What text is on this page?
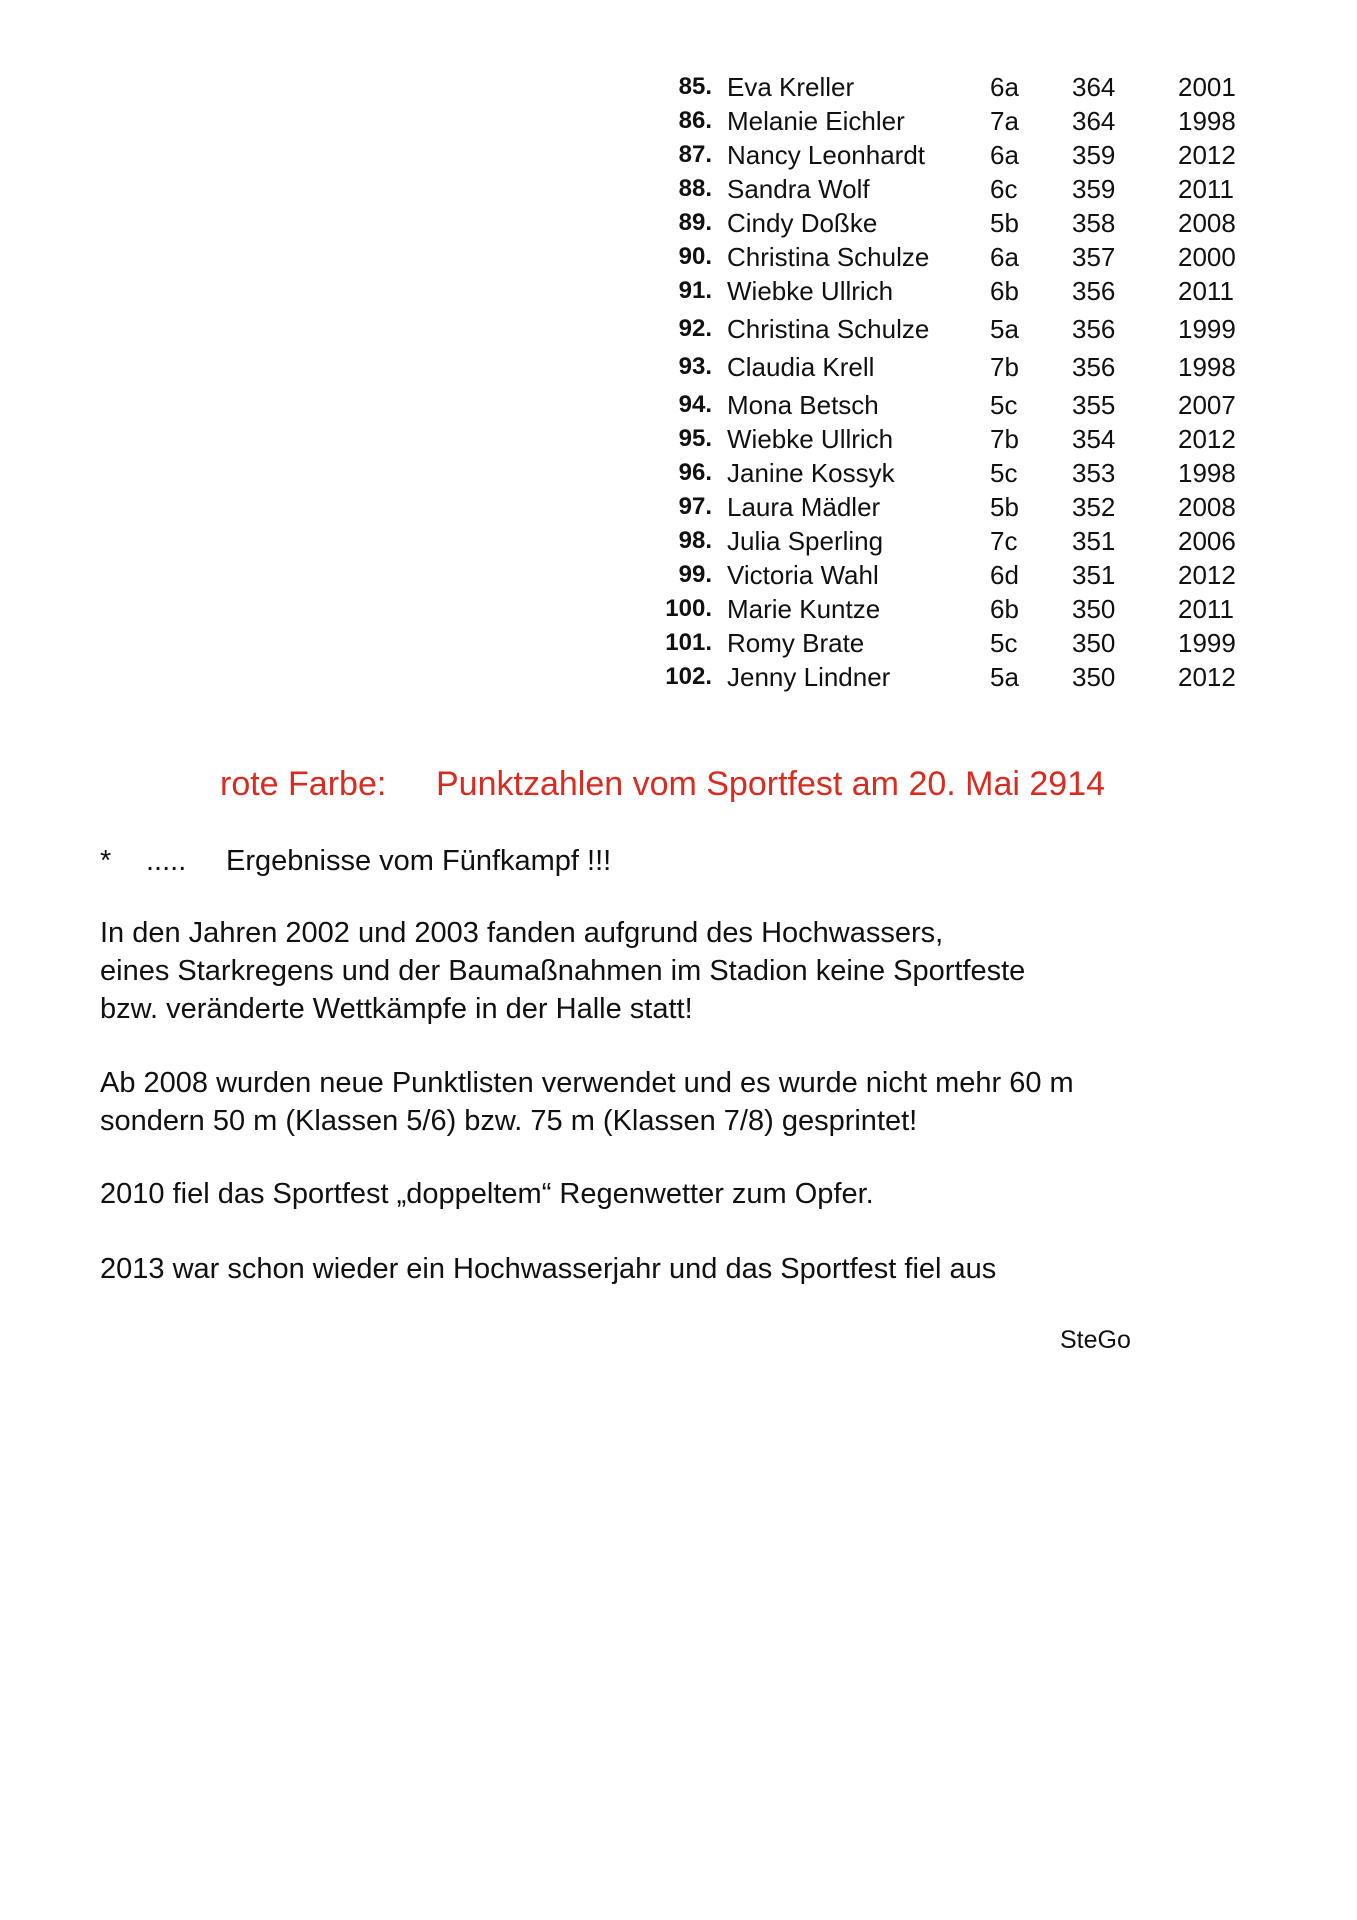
85. Eva Kreller	6a 364 2001
86. Melanie Eichler	7a 364 1998
87. Nancy Leonhardt 6a 359 2012
88. Sandra Wolf	6c 359 2011
89. Cindy Doßke	5b 358 2008
90. Christina Schulze 6a 357 2000
91. Wiebke Ullrich	6b 356 2011
92. Christina Schulze 5a 356 1999
93. Claudia Krell	7b 356 1998
94. Mona Betsch	5c 355 2007
95. Wiebke Ullrich	7b 354 2012
96. Janine Kossyk	5c 353 1998
97. Laura Mädler	5b 352 2008
98. Julia Sperling	7c 351 2006
99. Victoria Wahl	6d 351 2012
100. Marie Kuntze	6b 350 2011
101. Romy Brate	5c 350 1999
102. Jenny Lindner	5a 350 2012
rote Farbe: Punktzahlen vom Sportfest am 20. Mai 2914
* ..... Ergebnisse vom Fünfkampf !!!

In den Jahren 2002 und 2003 fanden aufgrund des Hochwassers,
eines Starkregens und der Baumaßnahmen im Stadion keine Sportfeste
bzw. veränderte Wettkämpfe in der Halle statt!

Ab 2008 wurden neue Punktlisten verwendet und es wurde nicht mehr 60 m
sondern 50 m (Klassen 5/6) bzw. 75 m (Klassen 7/8) gesprintet!

2010 fiel das Sportfest „doppeltem“ Regenwetter zum Opfer.

2013 war schon wieder ein Hochwasserjahr und das Sportfest fiel aus

SteGo
